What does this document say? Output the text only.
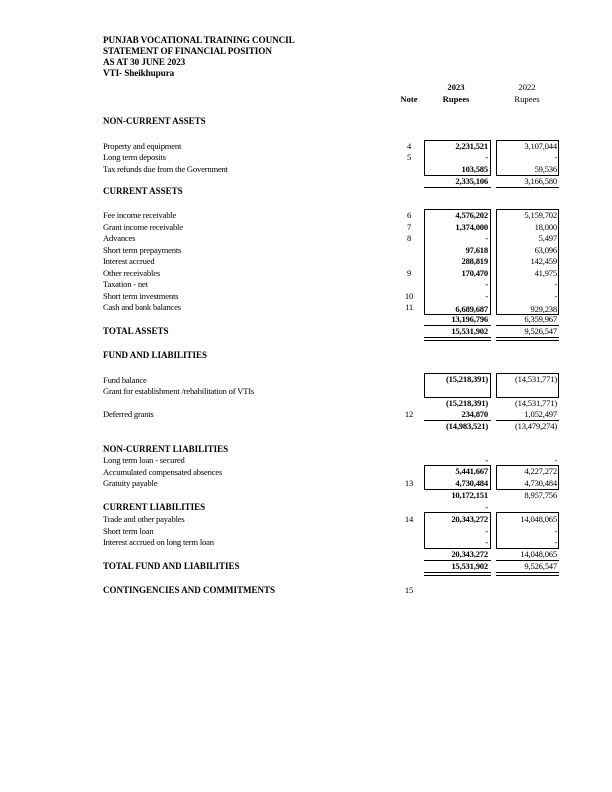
PUNJAB VOCATIONAL TRAINING COUNCIL
STATEMENT OF FINANCIAL POSITION
AS AT 30 JUNE 2023
VTI- Sheikhupura
2023	2022
Note	Rupees	Rupees
NON-CURRENT ASSETS
Property and equipment	4	2,231,521	3,107,044
Long term deposits	5	-	-
Tax refunds due from the Government	103,585	59,536
2,335,106	3,166,580
CURRENT ASSETS
Fee income receivable	6	4,576,202	5,159,702
Grant income receivable	7	1,374,000	18,000
Advances	8	-	5,497
Short term prepayments	97,618	63,096
Interest accrued	288,819	142,459
Other receivables	9	170,470	41,975
Taxation - net	-	-
Short term investments	10	-	-
Cash and bank balances	11	6,689,687	929,238
13,196,796	6,359,967
TOTAL ASSETS	15,531,902	9,526,547
FUND AND LIABILITIES
Fund balance	(15,218,391)	(14,531,771)
Grant for establishment /rehabilitation of VTIs
(15,218,391)	(14,531,771)
Deferred grants	12	234,870	1,052,497
(14,983,521)	(13,479,274)
NON-CURRENT LIABILITIES
Long term loan - secured	-	-
Accumulated compensated absences	5,441,667	4,227,272
Gratuity payable	13	4,730,484	4,730,484
10,172,151	8,957,756
CURRENT LIABILITIES	-
Trade and other payables	14	20,343,272	14,048,065
Short term loan	-	-
Interest accrued on long term loan	-	-
20,343,272	14,048,065
TOTAL FUND AND LIABILITIES	15,531,902	9,526,547
CONTINGENCIES AND COMMITMENTS	15
